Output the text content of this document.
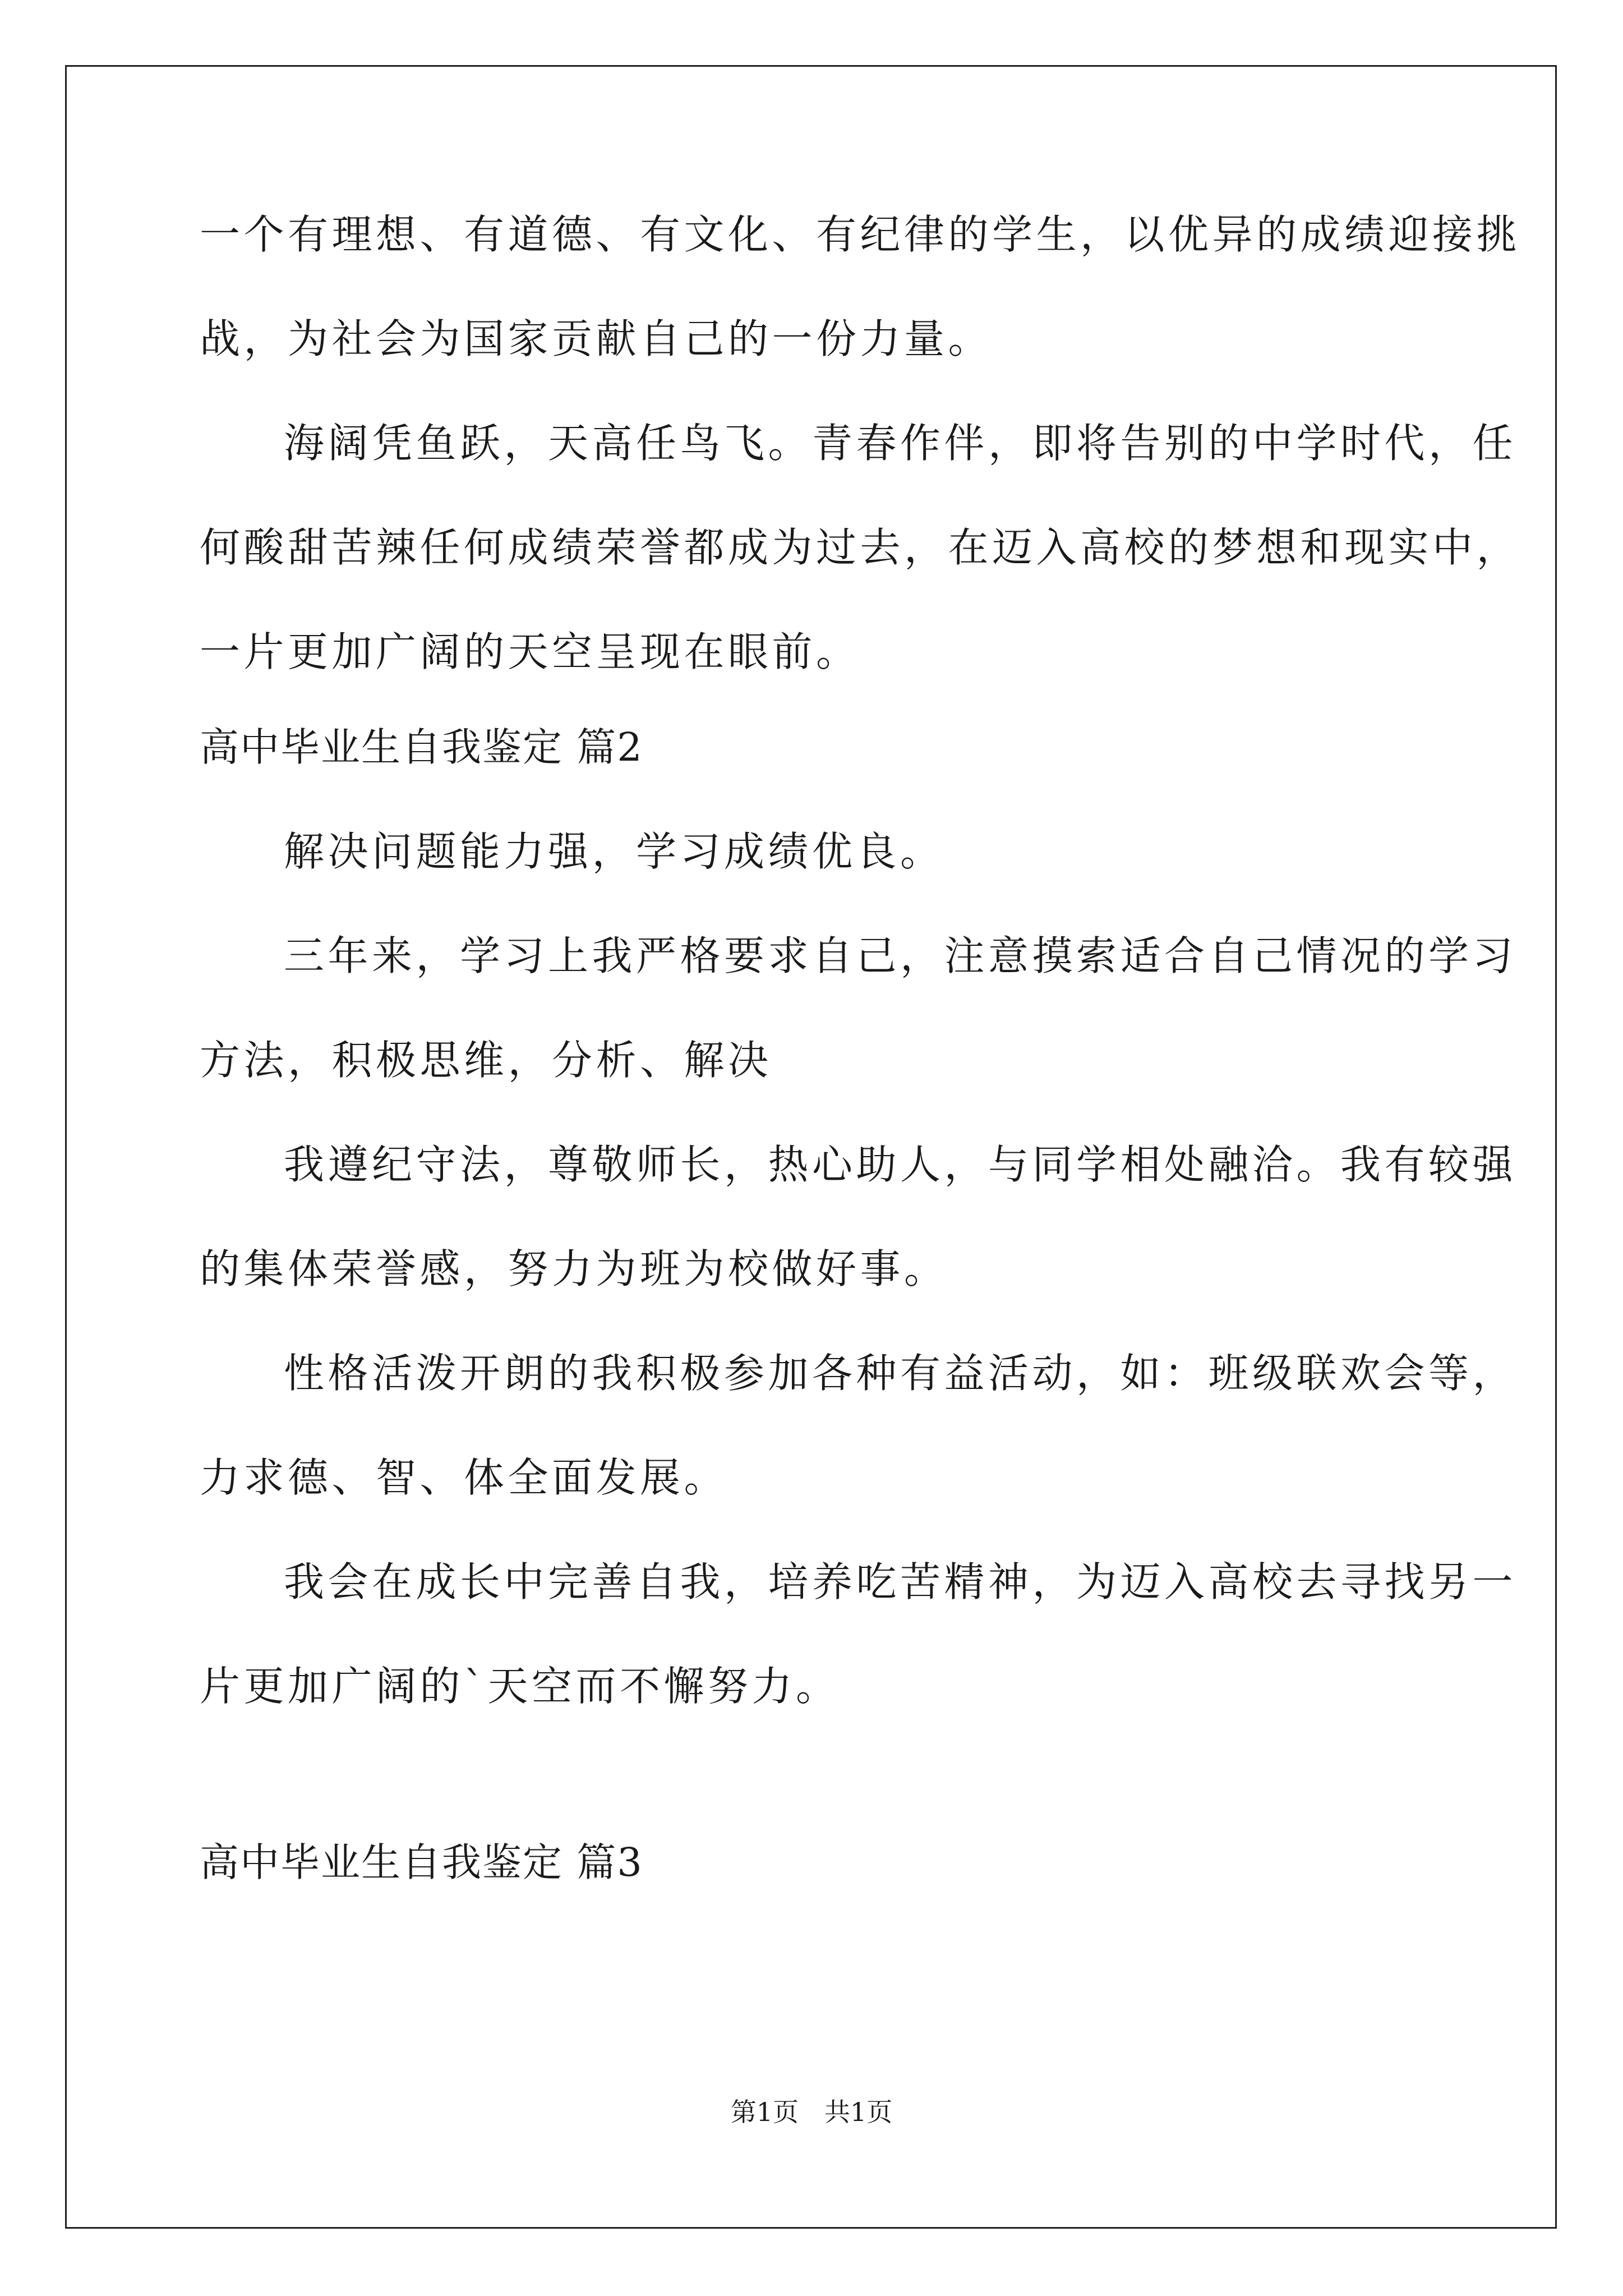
一个有理想、有道德、有文化、有纪律的学生，以优异的成绩迎接挑
战，为社会为国家贡献自己的一份力量。
海阔凭鱼跃，天高任鸟飞。青春作伴，即将告别的中学时代，任
何酸甜苦辣任何成绩荣誉都成为过去，在迈入高校的梦想和现实中，
一片更加广阔的天空呈现在眼前。
高中毕业生自我鉴定 篇2
解决问题能力强，学习成绩优良。
三年来，学习上我严格要求自己，注意摸索适合自己情况的学习
方法，积极思维，分析、解决
我遵纪守法，尊敬师长，热心助人，与同学相处融洽。我有较强
的集体荣誉感，努力为班为校做好事。
性格活泼开朗的我积极参加各种有益活动，如：班级联欢会等，
力求德、智、体全面发展。
我会在成长中完善自我，培养吃苦精神，为迈入高校去寻找另一
片更加广阔的`天空而不懈努力。
高中毕业生自我鉴定 篇3
第1页　共1页
